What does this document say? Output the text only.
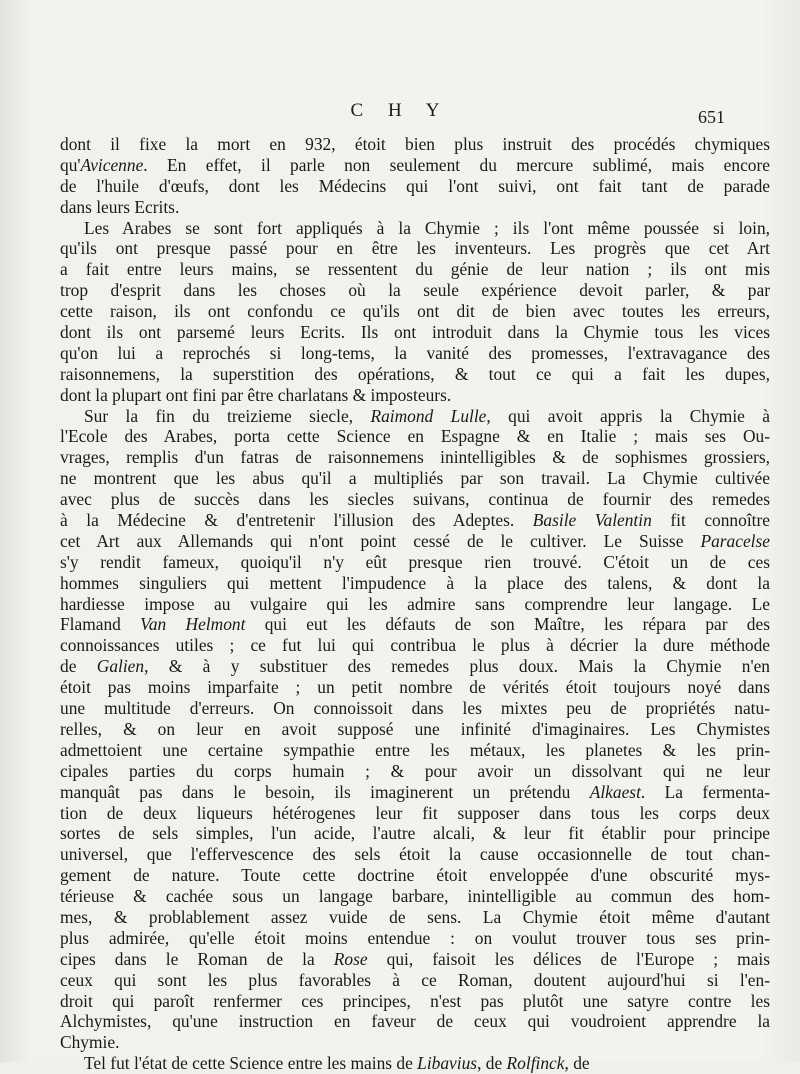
C H Y	651
dont il fixe la mort en 932, étoit bien plus instruit des procédés chymiques
qu'Avicenne. En effet, il parle non seulement du mercure sublimé, mais encore
de l'huile d'œufs, dont les Médecins qui l'ont suivi, ont fait tant de parade
dans leurs Ecrits.
Les Arabes se sont fort appliqués à la Chymie ; ils l'ont même poussée si loin,
qu'ils ont presque passé pour en être les inventeurs. Les progrès que cet Art
a fait entre leurs mains, se ressentent du génie de leur nation ; ils ont mis
trop d'esprit dans les choses où la seule expérience devoit parler, & par
cette raison, ils ont confondu ce qu'ils ont dit de bien avec toutes les erreurs,
dont ils ont parsemé leurs Ecrits. Ils ont introduit dans la Chymie tous les vices
qu'on lui a reprochés si long-tems, la vanité des promesses, l'extravagance des
raisonnemens, la superstition des opérations, & tout ce qui a fait les dupes,
dont la plupart ont fini par être charlatans & imposteurs.
Sur la fin du treizieme siecle, Raimond Lulle, qui avoit appris la Chymie à
l'Ecole des Arabes, porta cette Science en Espagne & en Italie ; mais ses Ou-
vrages, remplis d'un fatras de raisonnemens inintelligibles & de sophismes grossiers,
ne montrent que les abus qu'il a multipliés par son travail. La Chymie cultivée
avec plus de succès dans les siecles suivans, continua de fournir des remedes
à la Médecine & d'entretenir l'illusion des Adeptes. Basile Valentin fit connoître
cet Art aux Allemands qui n'ont point cessé de le cultiver. Le Suisse Paracelse
s'y rendit fameux, quoiqu'il n'y eût presque rien trouvé. C'étoit un de ces
hommes singuliers qui mettent l'impudence à la place des talens, & dont la
hardiesse impose au vulgaire qui les admire sans comprendre leur langage. Le
Flamand Van Helmont qui eut les défauts de son Maître, les répara par des
connoissances utiles ; ce fut lui qui contribua le plus à décrier la dure méthode
de Galien, & à y substituer des remedes plus doux. Mais la Chymie n'en
étoit pas moins imparfaite ; un petit nombre de vérités étoit toujours noyé dans
une multitude d'erreurs. On connoissoit dans les mixtes peu de propriétés natu-
relles, & on leur en avoit supposé une infinité d'imaginaires. Les Chymistes
admettoient une certaine sympathie entre les métaux, les planetes & les prin-
cipales parties du corps humain ; & pour avoir un dissolvant qui ne leur
manquât pas dans le besoin, ils imaginerent un prétendu Alkaest. La fermenta-
tion de deux liqueurs hétérogenes leur fit supposer dans tous les corps deux
sortes de sels simples, l'un acide, l'autre alcali, & leur fit établir pour principe
universel, que l'effervescence des sels étoit la cause occasionnelle de tout chan-
gement de nature. Toute cette doctrine étoit enveloppée d'une obscurité mys-
térieuse & cachée sous un langage barbare, inintelligible au commun des hom-
mes, & problablement assez vuide de sens. La Chymie étoit même d'autant
plus admirée, qu'elle étoit moins entendue : on voulut trouver tous ses prin-
cipes dans le Roman de la Rose qui, faisoit les délices de l'Europe ; mais
ceux qui sont les plus favorables à ce Roman, doutent aujourd'hui si l'en-
droit qui paroît renfermer ces principes, n'est pas plutôt une satyre contre les
Alchymistes, qu'une instruction en faveur de ceux qui voudroient apprendre la
Chymie.
Tel fut l'état de cette Science entre les mains de Libavius, de Rolfinck, de
